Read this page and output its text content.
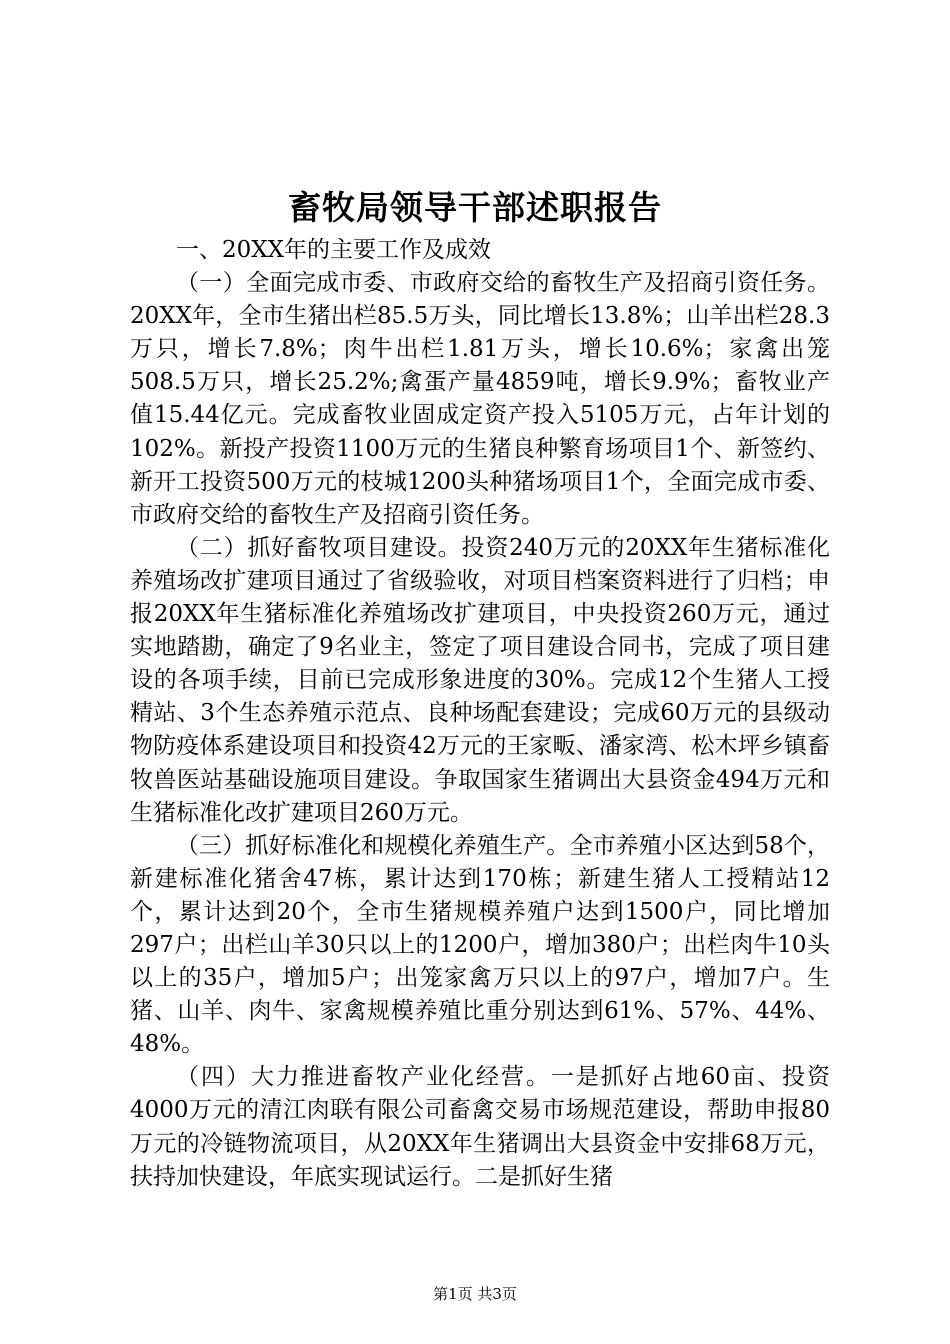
畜牧局领导干部述职报告

一、20XX年的主要工作及成效

（一）全面完成市委、市政府交给的畜牧生产及招商引资任务。20XX年，全市生猪出栏85.5万头，同比增长13.8%；山羊出栏28.3万只，增长7.8%；肉牛出栏1.81万头，增长10.6%；家禽出笼508.5万只，增长25.2%;禽蛋产量4859吨，增长9.9%；畜牧业产值15.44亿元。完成畜牧业固成定资产投入5105万元，占年计划的102%。新投产投资1100万元的生猪良种繁育场项目1个、新签约、新开工投资500万元的枝城1200头种猪场项目1个，全面完成市委、市政府交给的畜牧生产及招商引资任务。

（二）抓好畜牧项目建设。投资240万元的20XX年生猪标准化养殖场改扩建项目通过了省级验收，对项目档案资料进行了归档；申报20XX年生猪标准化养殖场改扩建项目，中央投资260万元，通过实地踏勘，确定了9名业主，签定了项目建设合同书，完成了项目建设的各项手续，目前已完成形象进度的30%。完成12个生猪人工授精站、3个生态养殖示范点、良种场配套建设；完成60万元的县级动物防疫体系建设项目和投资42万元的王家畈、潘家湾、松木坪乡镇畜牧兽医站基础设施项目建设。争取国家生猪调出大县资金494万元和生猪标准化改扩建项目260万元。

（三）抓好标准化和规模化养殖生产。全市养殖小区达到58个，新建标准化猪舍47栋，累计达到170栋；新建生猪人工授精站12个，累计达到20个，全市生猪规模养殖户达到1500户，同比增加297户；出栏山羊30只以上的1200户，增加380户；出栏肉牛10头以上的35户，增加5户；出笼家禽万只以上的97户，增加7户。生猪、山羊、肉牛、家禽规模养殖比重分别达到61%、57%、44%、48%。

（四）大力推进畜牧产业化经营。一是抓好占地60亩、投资4000万元的清江肉联有限公司畜禽交易市场规范建设，帮助申报80万元的冷链物流项目，从20XX年生猪调出大县资金中安排68万元，扶持加快建设，年底实现试运行。二是抓好生猪

第1页 共3页
